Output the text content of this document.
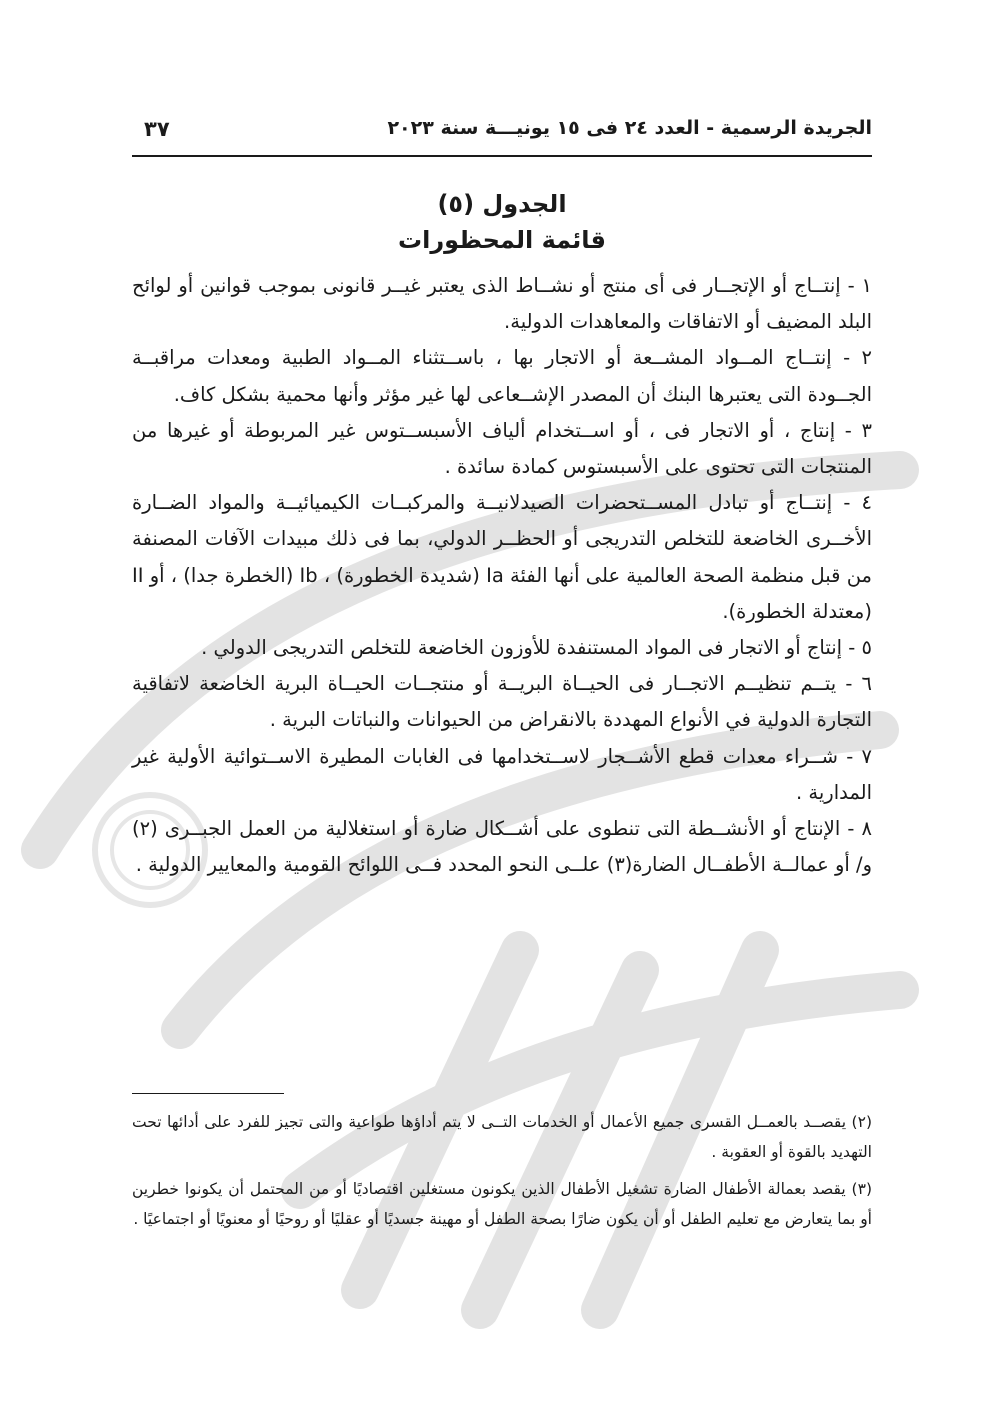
الجريدة الرسمية - العدد ٢٤ فى ١٥ يونيـــة سنة ٢٠٢٣
٣٧
الجدول (٥)
قائمة المحظورات

١ - إنتــاج أو الإتجــار فى أى منتج أو نشــاط الذى يعتبر غيــر قانونى بموجب قوانين أو لوائح البلد المضيف أو الاتفاقات والمعاهدات الدولية.

٢ - إنتــاج المــواد المشــعة أو الاتجار بها ، باســتثناء المــواد الطبية ومعدات مراقبــة الجــودة التى يعتبرها البنك أن المصدر الإشــعاعى لها غير مؤثر وأنها محمية بشكل كاف.

٣ - إنتاج ، أو الاتجار فى ، أو اســتخدام ألياف الأسبســتوس غير المربوطة أو غيرها من المنتجات التى تحتوى على الأسبستوس كمادة سائدة .

٤ - إنتــاج أو تبادل المســتحضرات الصيدلانيــة والمركبــات الكيميائيــة والمواد الضــارة الأخــرى الخاضعة للتخلص التدريجى أو الحظــر الدولي، بما فى ذلك مبيدات الآفات المصنفة من قبل منظمة الصحة العالمية على أنها الفئة Ia (شديدة الخطورة) ، Ib (الخطرة جدا) ، أو II (معتدلة الخطورة).

٥ - إنتاج أو الاتجار فى المواد المستنفدة للأوزون الخاضعة للتخلص التدريجى الدولي .

٦ - يتــم تنظيــم الاتجــار فى الحيــاة البريــة أو منتجــات الحيــاة البرية الخاضعة لاتفاقية التجارة الدولية في الأنواع المهددة بالانقراض من الحيوانات والنباتات البرية .

٧ - شــراء معدات قطع الأشــجار لاســتخدامها فى الغابات المطيرة الاســتوائية الأولية غير المدارية .

٨ - الإنتاج أو الأنشــطة التى تنطوى على أشــكال ضارة أو استغلالية من العمل الجبــرى (٢) و/ أو عمالــة الأطفــال الضارة(٣) علــى النحو المحدد فــى اللوائح القومية والمعايير الدولية .

(٢) يقصــد بالعمــل القسرى جميع الأعمال أو الخدمات التــى لا يتم أداؤها طواعية والتى تجيز للفرد على أدائها تحت التهديد بالقوة أو العقوبة .

(٣) يقصد بعمالة الأطفال الضارة تشغيل الأطفال الذين يكونون مستغلين اقتصاديًا أو من المحتمل أن يكونوا خطرين أو بما يتعارض مع تعليم الطفل أو أن يكون ضارًا بصحة الطفل أو مهينة جسديًا أو عقليًا أو روحيًا أو معنويًا أو اجتماعيًا .
